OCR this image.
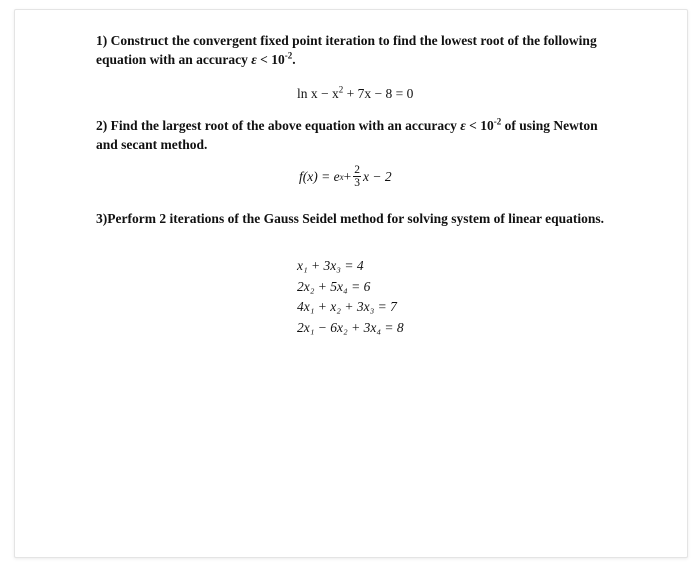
1) Construct the convergent fixed point iteration to find the lowest root of the following equation with an accuracy $\varepsilon < 10^{-2}$.
$\ln x - x^2 + 7x - 8 = 0$
2) Find the largest root of the above equation with an accuracy $\varepsilon < 10^{-2}$ of using Newton and secant method.
f(x) = e $x + \frac{2}{3}$ x − 2
3)Perform 2 iterations of the Gauss Seidel method for solving system of linear equations.
x₁ + 3x₃ = 4
2x₂ + 5x₄ = 6
4x₁ + x₂ + 3x₃ = 7
2x₁ − 6x₂ + 3x₄ = 8
